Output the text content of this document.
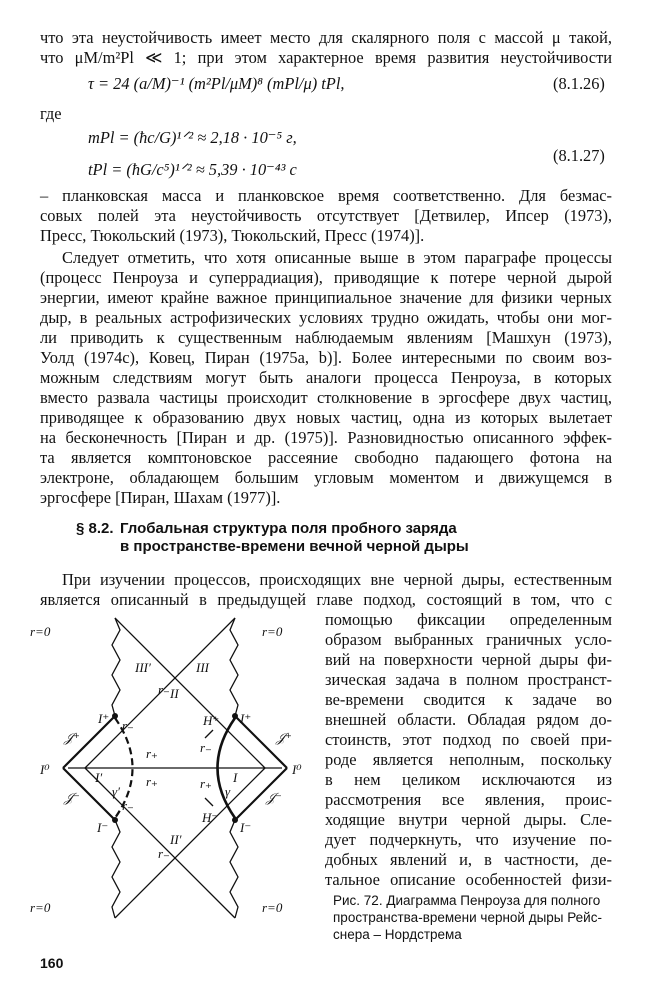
что эта неустойчивость имеет место для скалярного поля с массой μ такой,
что μM/m²Pl ≪ 1; при этом характерное время развития неустойчивости
τ = 24 (a/M)⁻¹ (m²Pl/μM)⁸ (mPl/μ) tPl,	(8.1.26)
где
mPl = (ħc/G)¹ᐟ² ≈ 2,18 · 10⁻⁵ г,
tPl = (ħG/c⁵)¹ᐟ² ≈ 5,39 · 10⁻⁴³ с
(8.1.27)
– планковская масса и планковское время соответственно. Для безмас-
совых полей эта неустойчивость отсутствует [Детвилер, Ипсер (1973),
Пресс, Тюкольский (1973), Тюкольский, Пресс (1974)].
Следует отметить, что хотя описанные выше в этом параграфе процессы
(процесс Пенроуза и суперрадиация), приводящие к потере черной дырой
энергии, имеют крайне важное принципиальное значение для физики черных
дыр, в реальных астрофизических условиях трудно ожидать, чтобы они мог-
ли приводить к существенным наблюдаемым явлениям [Машхун (1973),
Уолд (1974c), Ковец, Пиран (1975a, b)]. Более интересными по своим воз-
можным следствиям могут быть аналоги процесса Пенроуза, в которых
вместо развала частицы происходит столкновение в эргосфере двух частиц,
приводящее к образованию двух новых частиц, одна из которых вылетает
на бесконечность [Пиран и др. (1975)]. Разновидностью описанного эффек-
та является комптоновское рассеяние свободно падающего фотона на
электроне, обладающем большим угловым моментом и движущемся в
эргосфере [Пиран, Шахам (1977)].
§ 8.2. Глобальная структура поля пробного заряда
в пространстве-времени вечной черной дыры
При изучении процессов, происходящих вне черной дыры, естественным
является описанный в предыдущей главе подход, состоящий в том, что с
помощью фиксации определенным
образом выбранных граничных усло-
вий на поверхности черной дыры фи-
зическая задача в полном пространст-
ве-времени сводится к задаче во
внешней области. Обладая рядом до-
стоинств, этот подход по своей при-
роде является неполным, поскольку
в нем целиком исключаются из
рассмотрения все явления, проис-
ходящие внутри черной дыры. Сле-
дует подчеркнуть, что изучение по-
добных явлений и, в частности, де-
тальное описание особенностей физи-
Рис. 72. Диаграмма Пенроуза для полного
пространства-времени черной дыры Рейс-
снера – Нордстрема
r=0	r=0
r=0	r=0
III′	III
II
II′
I
I′
I⁺	I⁺
I⁻	I⁻
I⁰	I⁰
𝒥⁺	𝒥⁺
𝒥⁻	𝒥⁻
H⁺
H⁻
γ
γ′
r₋
r₋
r₊
r₊	r₊
r₋
r₋
r₋
160
